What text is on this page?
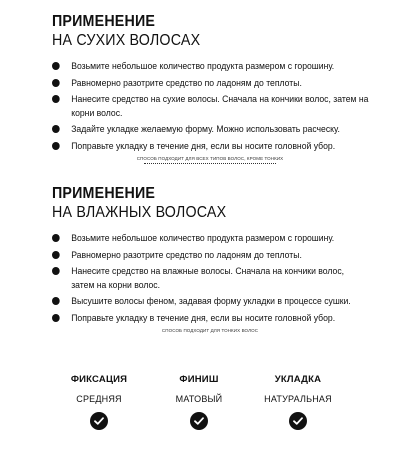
ПРИМЕНЕНИЕ
НА СУХИХ ВОЛОСАХ
Возьмите небольшое количество продукта размером с горошину.
Равномерно разотрите средство по ладоням до теплоты.
Нанесите средство на сухие волосы. Сначала на кончики волос, затем на корни волос.
Задайте укладке желаемую форму. Можно использовать расческу.
Поправьте укладку в течение дня, если вы носите головной убор.
СПОСОБ ПОДХОДИТ ДЛЯ ВСЕХ ТИПОВ ВОЛОС, КРОМЕ ТОНКИХ
ПРИМЕНЕНИЕ
НА ВЛАЖНЫХ ВОЛОСАХ
Возьмите небольшое количество продукта размером с горошину.
Равномерно разотрите средство по ладоням до теплоты.
Нанесите средство на влажные волосы. Сначала на кончики волос, затем на корни волос.
Высушите волосы феном, задавая форму укладки в процессе сушки.
Поправьте укладку в течение дня, если вы носите головной убор.
СПОСОБ ПОДХОДИТ ДЛЯ ТОНКИХ ВОЛОС
ФИКСАЦИЯ
СРЕДНЯЯ
ФИНИШ
МАТОВЫЙ
УКЛАДКА
НАТУРАЛЬНАЯ
